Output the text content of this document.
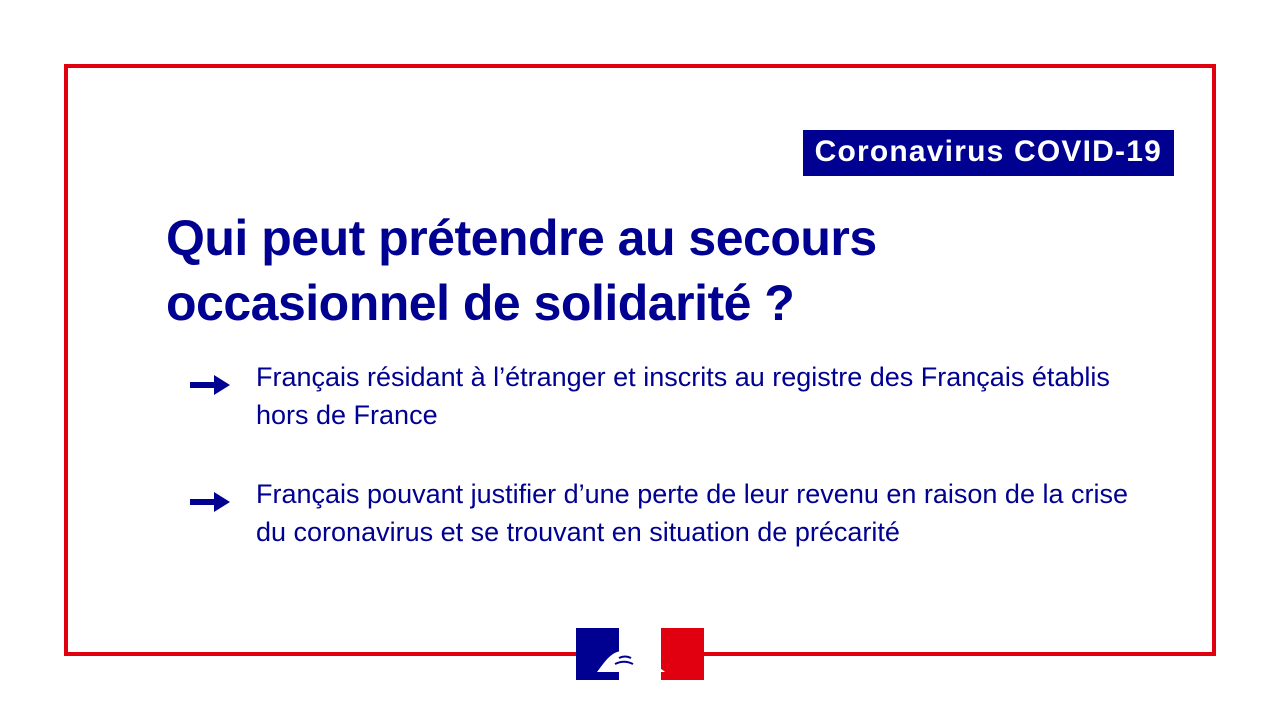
Coronavirus COVID-19
Qui peut prétendre au secours occasionnel de solidarité ?
Français résidant à l’étranger et inscrits au registre des Français établis hors de France
Français pouvant justifier d’une perte de leur revenu en raison de la crise du coronavirus et se trouvant en situation de précarité
